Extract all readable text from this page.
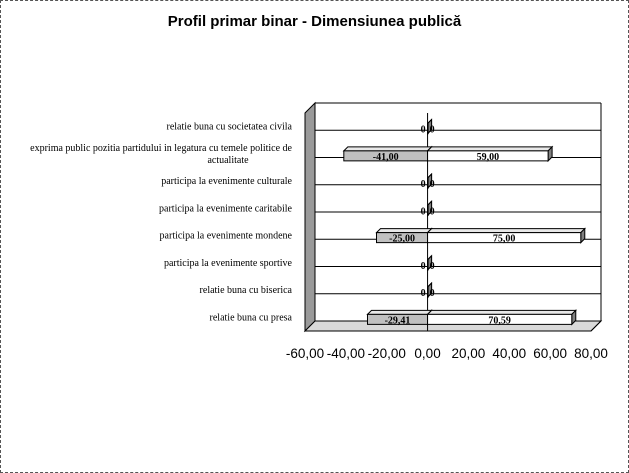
Profil primar binar - Dimensiunea publică
relatie buna cu societatea civila
exprima public pozitia partidului in legatura cu temele politice de actualitate
participa la evenimente culturale
participa la evenimente caritabile
participa la evenimente mondene
participa la evenimente sportive
relatie buna cu biserica
relatie buna cu presa
0 0
-41,00	59,00
0 0
0 0
-25,00	75,00
0 0
0 0
-29,41	70,59
-60,00 -40,00 -20,00 0,00 20,00 40,00 60,00 80,00
